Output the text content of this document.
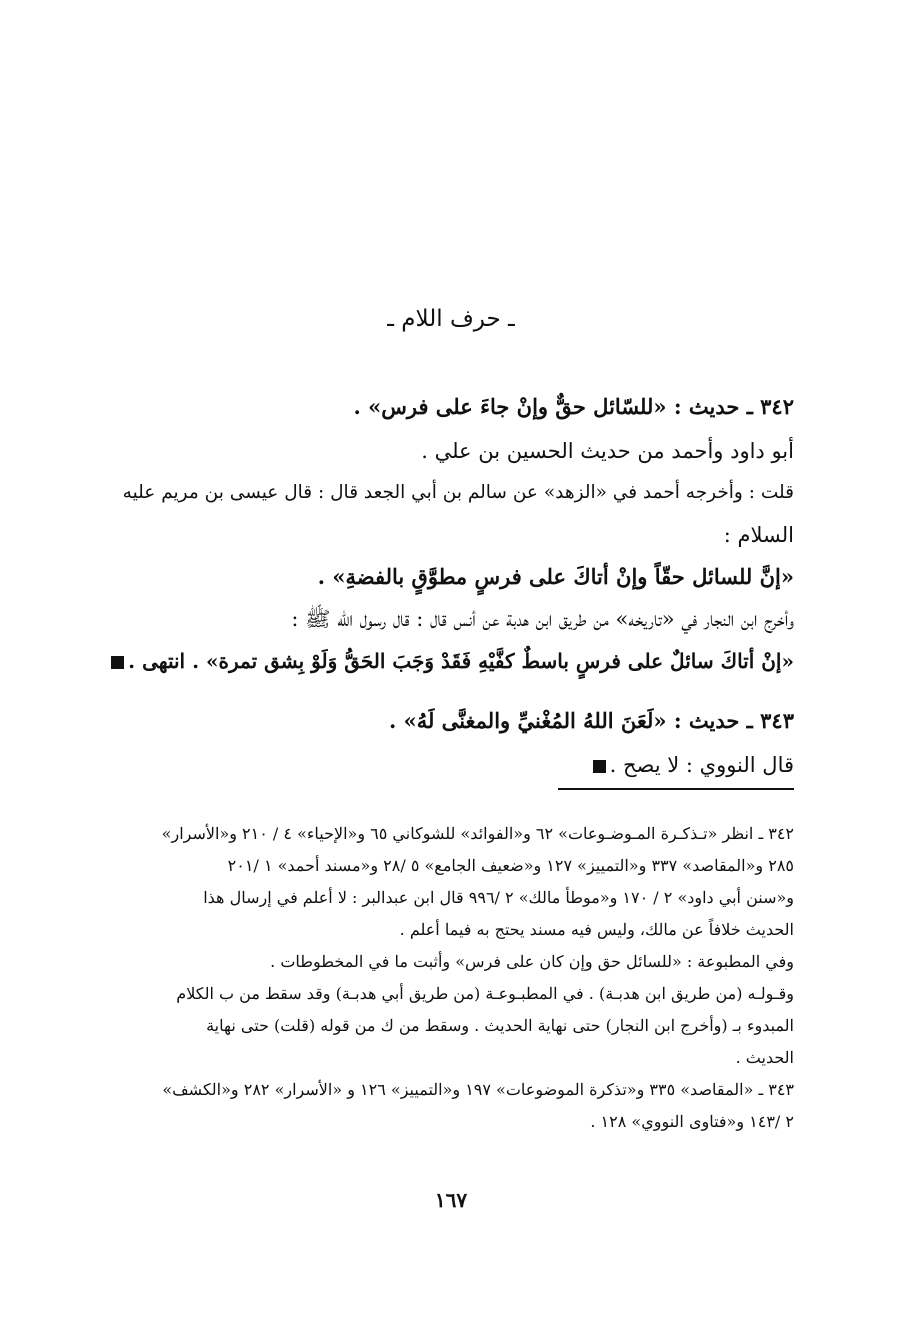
ـ حرف اللام ـ
٣٤٢ ـ حديث : «للسّائل حقٌّ وإنْ جاءَ على فرس» .
أبو داود وأحمد من حديث الحسين بن علي .
قلت : وأخرجه أحمد في «الزهد» عن سالم بن أبي الجعد قال : قال عيسى بن مريم عليه
السلام :
«إنَّ للسائل حقّاً وإنْ أتاكَ على فرسٍ مطوَّقٍ بالفضةِ» .
وأخرج ابن النجار في «تاريخه» من طريق ابن هدبة عن أنس قال : قال رسول الله ﷺ :
«إنْ أتاكَ سائلٌ على فرسٍ باسطٌ كفَّيْهِ فَقَدْ وَجَبَ الحَقُّ وَلَوْ بِشق تمرة» . انتهى .
٣٤٣ ـ حديث : «لَعَنَ اللهُ المُغْنيِّ والمغنَّى لَهُ» .
قال النووي : لا يصح .
٣٤٢ ـ انظر «تـذكـرة المـوضـوعات» ٦٢ و«الفوائد» للشوكاني ٦٥ و«الإحياء» ٤ / ٢١٠ و«الأسرار»
٢٨٥ و«المقاصد» ٣٣٧ و«التمييز» ١٢٧ و«ضعيف الجامع» ٥ /٢٨ و«مسند أحمد» ١ /٢٠١
و«سنن أبي داود» ٢ / ١٧٠ و«موطأ مالك» ٢ /٩٩٦ قال ابن عبدالبر : لا أعلم في إرسال هذا
الحديث خلافاً عن مالك، وليس فيه مسند يحتج به فيما أعلم .
وفي المطبوعة : «للسائل حق وإن كان على فرس» وأثبت ما في المخطوطات .
وقـولـه (من طريق ابن هدبـة) . في المطبـوعـة (من طريق أبي هدبـة) وقد سقط من ب الكلام
المبدوء بـ (وأخرج ابن النجار) حتى نهاية الحديث . وسقط من ك من قوله (قلت) حتى نهاية
الحديث .
٣٤٣ ـ «المقاصد» ٣٣٥ و«تذكرة الموضوعات» ١٩٧ و«التمييز» ١٢٦ و «الأسرار» ٢٨٢ و«الكشف»
٢ /١٤٣ و«فتاوى النووي» ١٢٨ .
١٦٧
